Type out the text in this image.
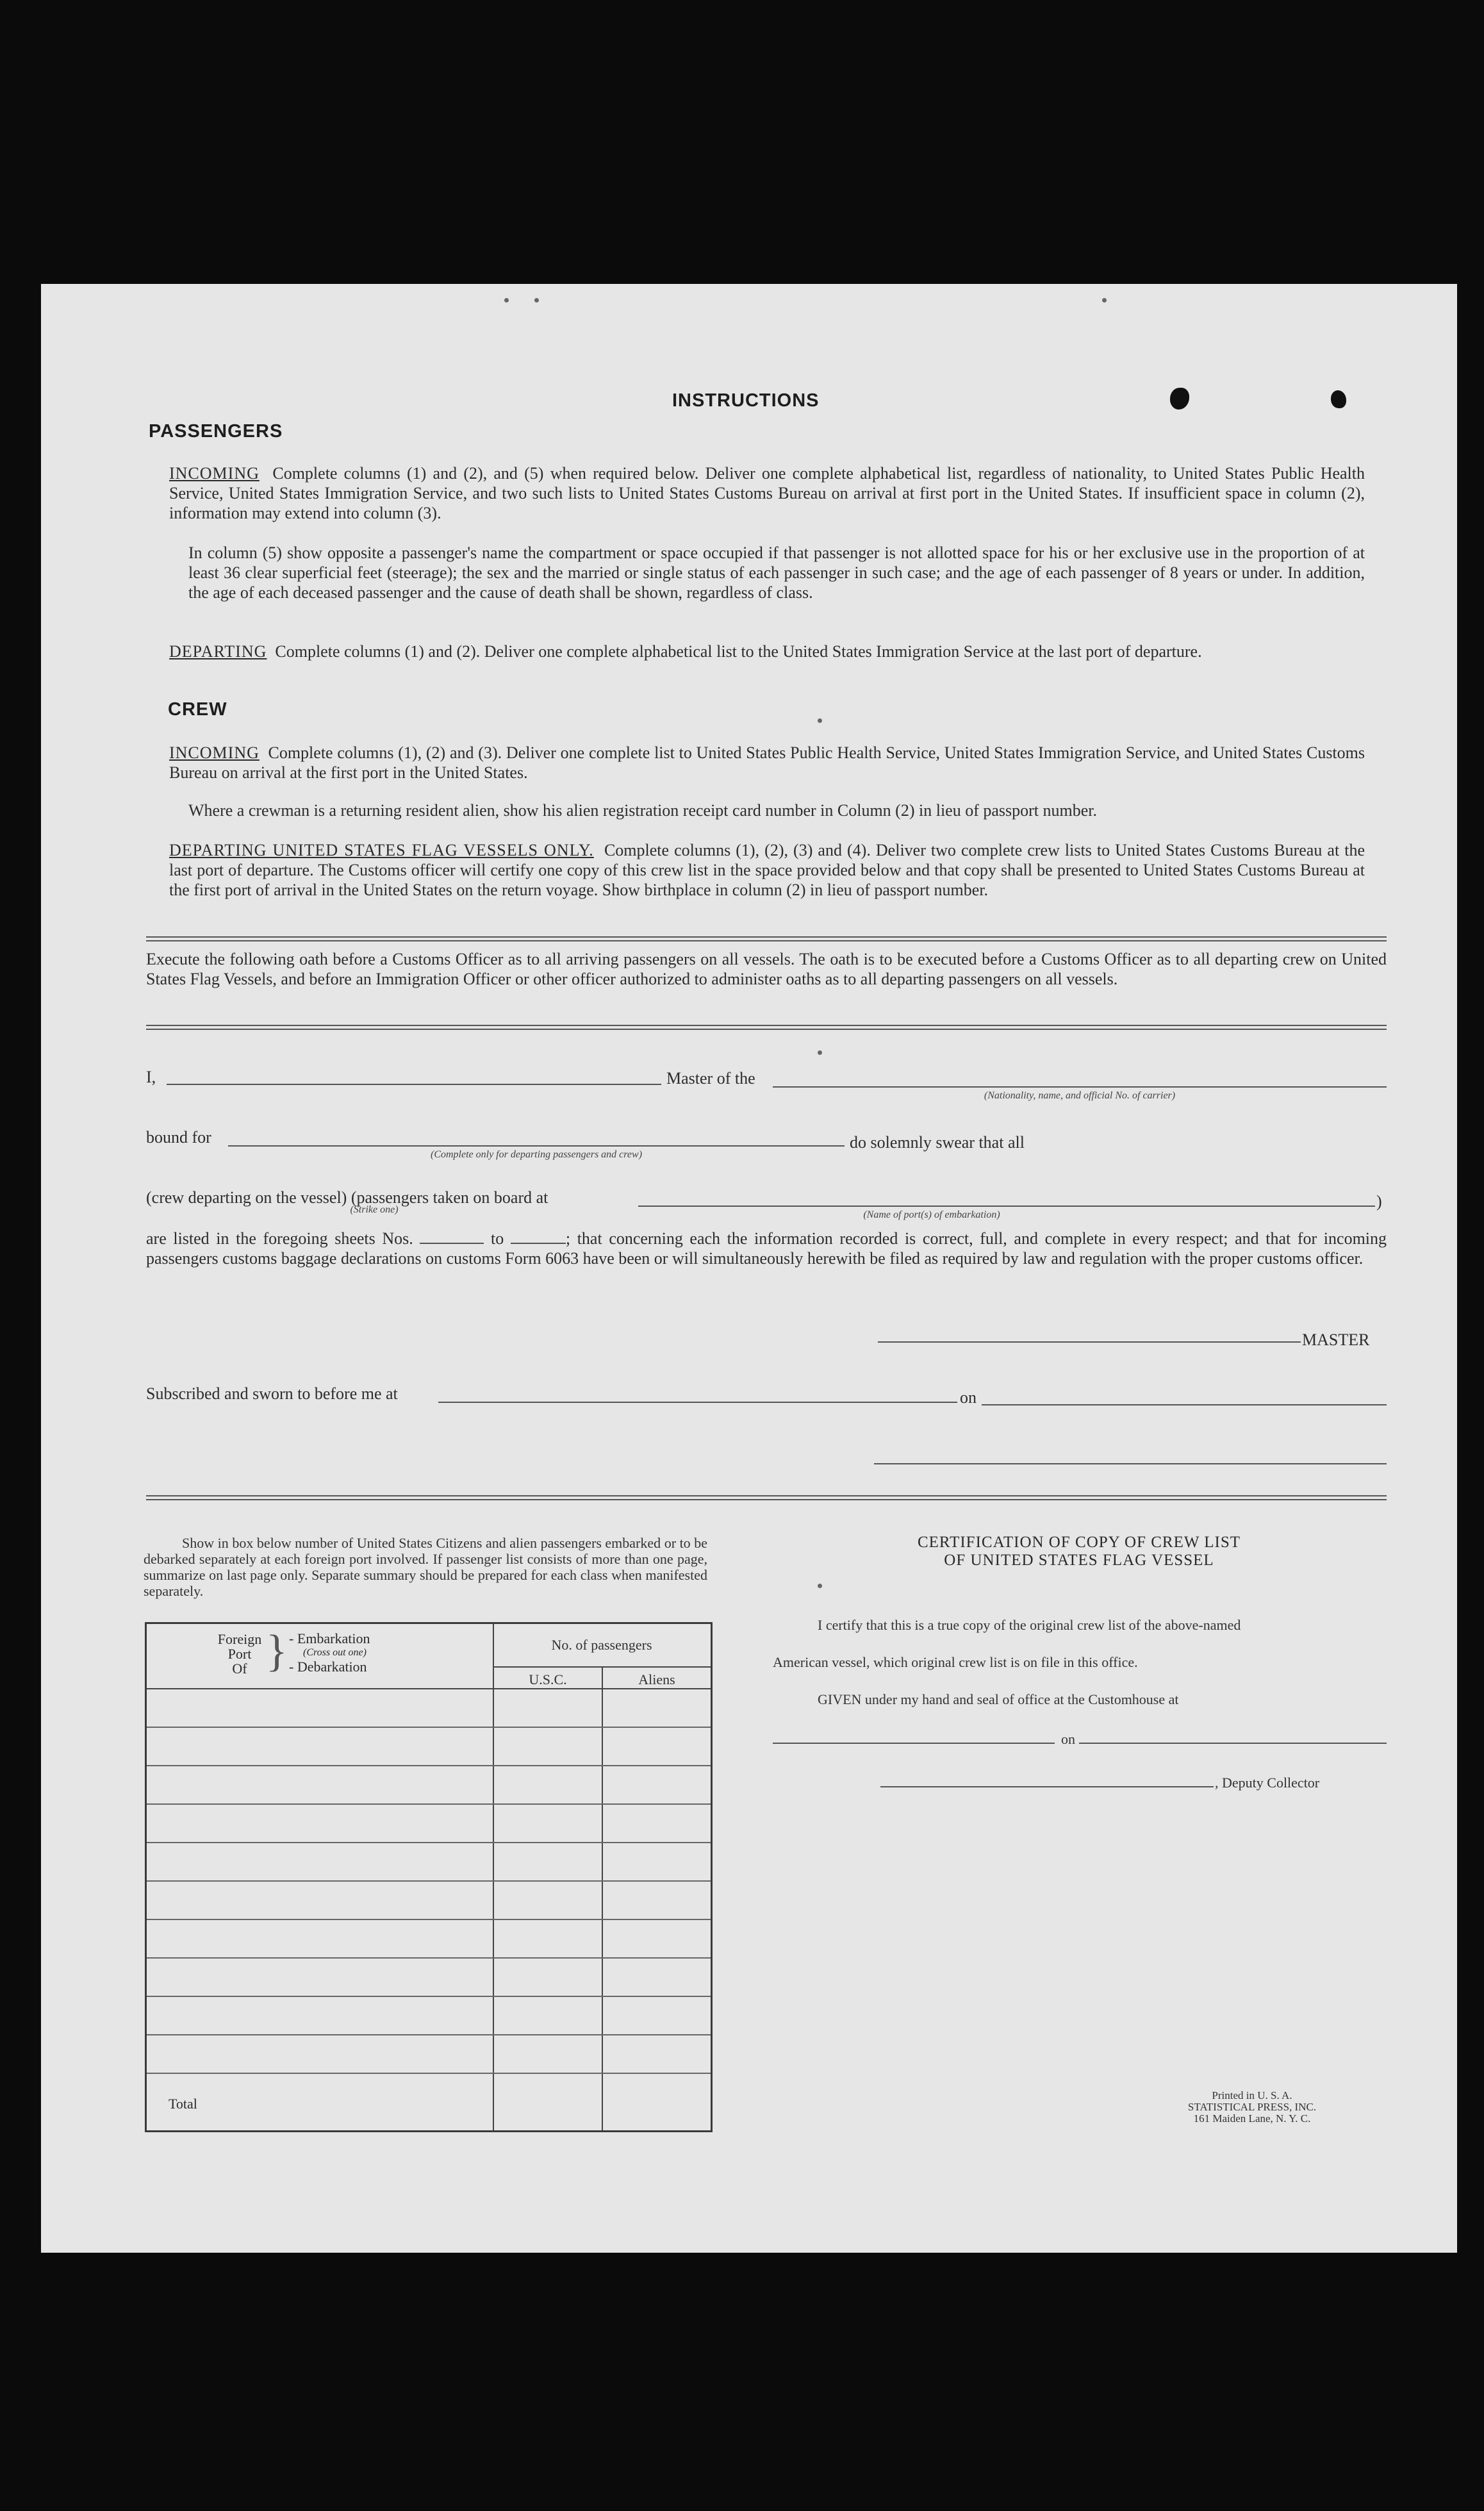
INSTRUCTIONS
PASSENGERS
INCOMING Complete columns (1) and (2), and (5) when required below. Deliver one complete alphabetical list, regardless of nationality, to United States Public Health Service, United States Immigration Service, and two such lists to United States Customs Bureau on arrival at first port in the United States. If insufficient space in column (2), information may extend into column (3).
In column (5) show opposite a passenger's name the compartment or space occupied if that passenger is not allotted space for his or her exclusive use in the proportion of at least 36 clear superficial feet (steerage); the sex and the married or single status of each passenger in such case; and the age of each passenger of 8 years or under. In addition, the age of each deceased passenger and the cause of death shall be shown, regardless of class.
DEPARTING Complete columns (1) and (2). Deliver one complete alphabetical list to the United States Immigration Service at the last port of departure.
CREW
INCOMING Complete columns (1), (2) and (3). Deliver one complete list to United States Public Health Service, United States Immigration Service, and United States Customs Bureau on arrival at the first port in the United States.
Where a crewman is a returning resident alien, show his alien registration receipt card number in Column (2) in lieu of passport number.
DEPARTING UNITED STATES FLAG VESSELS ONLY. Complete columns (1), (2), (3) and (4). Deliver two complete crew lists to United States Customs Bureau at the last port of departure. The Customs officer will certify one copy of this crew list in the space provided below and that copy shall be presented to United States Customs Bureau at the first port of arrival in the United States on the return voyage. Show birthplace in column (2) in lieu of passport number.
Execute the following oath before a Customs Officer as to all arriving passengers on all vessels. The oath is to be executed before a Customs Officer as to all departing crew on United States Flag Vessels, and before an Immigration Officer or other officer authorized to administer oaths as to all departing passengers on all vessels.
I,	Master of the
(Nationality, name, and official No. of carrier)
bound for
(Complete only for departing passengers and crew)
do solemnly swear that all
(crew departing on the vessel) (passengers taken on board at
(Strike one)	(Name of port(s) of embarkation)
)
are listed in the foregoing sheets Nos.	to	; that concerning each the information recorded is correct, full, and complete in every respect; and that for incoming passengers customs baggage declarations on customs Form 6063 have been or will simultaneously herewith be filed as required by law and regulation with the proper customs officer.
MASTER
Subscribed and sworn to before me at	on
Show in box below number of United States Citizens and alien passengers embarked or to be debarked separately at each foreign port involved. If passenger list consists of more than one page, summarize on last page only. Separate summary should be prepared for each class when manifested separately.
Foreign
Port
Of } - Embarkation
(Cross out one)
- Debarkation
No. of passengers
U.S.C.	Aliens
Total
CERTIFICATION OF COPY OF CREW LIST
OF UNITED STATES FLAG VESSEL
I certify that this is a true copy of the original crew list of the above-named
American vessel, which original crew list is on file in this office.
GIVEN under my hand and seal of office at the Customhouse at
on
, Deputy Collector
Printed in U. S. A.
STATISTICAL PRESS, INC.
161 Maiden Lane, N. Y. C.
